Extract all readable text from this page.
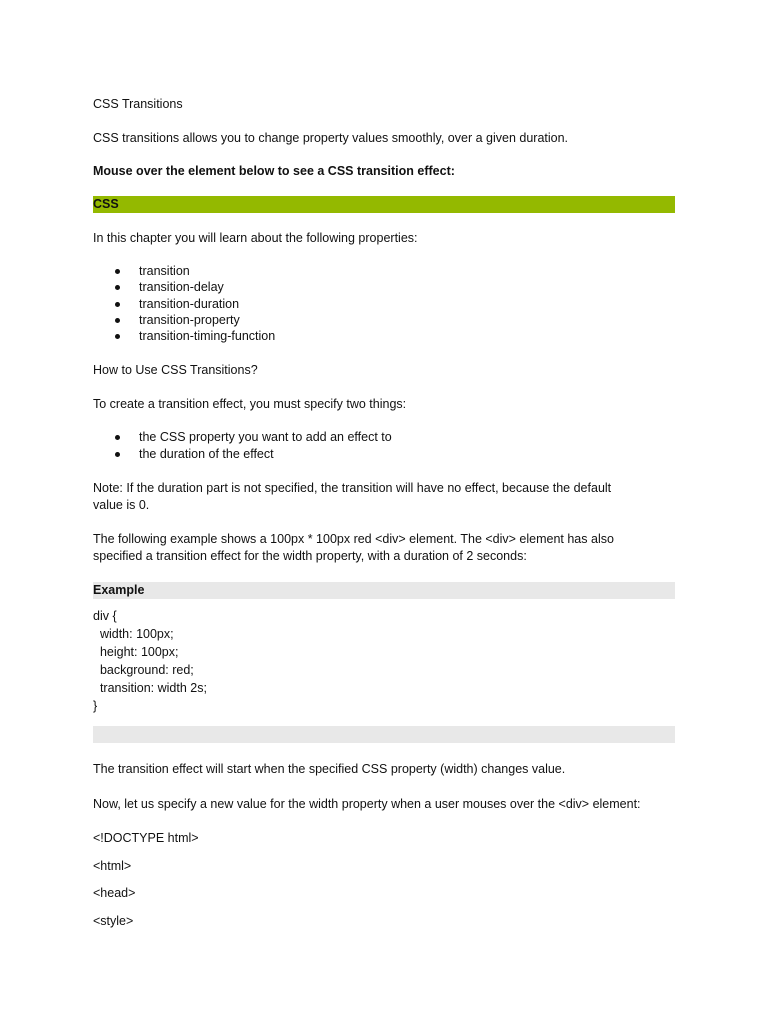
CSS Transitions

CSS transitions allows you to change property values smoothly, over a given duration.

Mouse over the element below to see a CSS transition effect:

CSS

In this chapter you will learn about the following properties:

transition
transition-delay
transition-duration
transition-property
transition-timing-function

How to Use CSS Transitions?

To create a transition effect, you must specify two things:

the CSS property you want to add an effect to
the duration of the effect

Note: If the duration part is not specified, the transition will have no effect, because the default

value is 0.

The following example shows a 100px * 100px red <div> element. The <div> element has also

specified a transition effect for the width property, with a duration of 2 seconds:

Example

div {

width: 100px;

height: 100px;

background: red;

transition: width 2s;

}

The transition effect will start when the specified CSS property (width) changes value.

Now, let us specify a new value for the width property when a user mouses over the <div> element:

<!DOCTYPE html>

<html>

<head>

<style>
